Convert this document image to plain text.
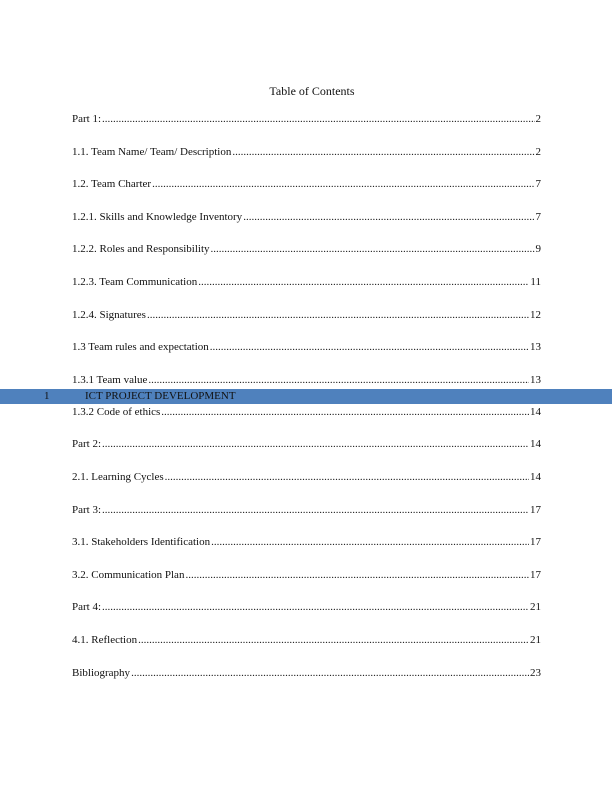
Table of Contents
Part 1: .....	2
1.1. Team Name/ Team/ Description .....	2
1.2. Team Charter .....	7
1.2.1. Skills and Knowledge Inventory .....	7
1.2.2. Roles and Responsibility .....	9
1.2.3. Team Communication .....	11
1.2.4. Signatures .....	12
1.3 Team rules and expectation .....	13
1.3.1 Team value .....	13
1.3.2 Code of ethics .....	14
Part 2: .....	14
2.1. Learning Cycles .....	14
Part 3: .....	17
3.1. Stakeholders Identification .....	17
3.2. Communication Plan .....	17
Part 4: .....	21
4.1. Reflection .....	21
Bibliography .....	23
1	ICT PROJECT DEVELOPMENT
